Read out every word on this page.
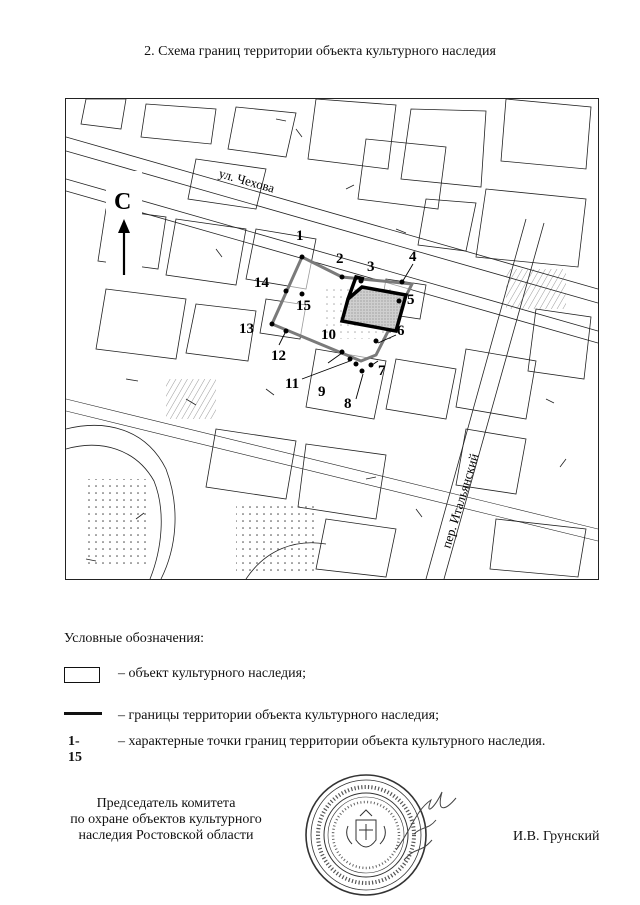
2. Схема границ территории объекта культурного наследия
ул. Чехова
пер. Итальянский
С
1
2 3
4
5
6
7
8
9
10
11
12
13
14
15
Условные обозначения:
– объект культурного наследия;
– границы территории объекта культурного наследия;
1-15
– характерные точки границ территории объекта культурного наследия.
Председатель комитета
по охране объектов культурного
наследия Ростовской области	И.В. Грунский
